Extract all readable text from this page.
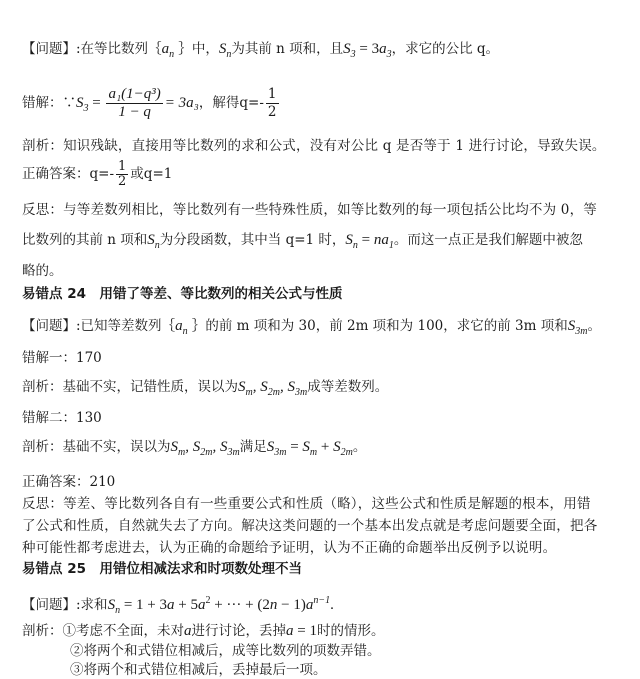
【问题】:在等比数列$\{a_n$ ｝中，$S_n$为其前 n 项和，且$S_3 = 3a_3$，求它的公比 q。
错解：$\because S_3 = \frac{\text{a₁(1−q³)}}{1 - q} = 3a_3$，解得$q=- \frac{1}{2}$
剖析：知识残缺，直接用等比数列的求和公式，没有对公比 q 是否等于 1 进行讨论，导致失误。
正确答案：$q=- \frac{1}{2}$ 或q=1
反思：与等差数列相比，等比数列有一些特殊性质，如等比数列的每一项包括公比均不为 0，等
比数列的其前 n 项和$S_n$为分段函数，其中当 q=1 时，$S_n = na_1$。而这一点正是我们解题中被忽
略的。
易错点 24　用错了等差、等比数列的相关公式与性质
【问题】:已知等差数列$\{a_n$ ｝的前 m 项和为 30，前 2m 项和为 100，求它的前 3m 项和$S_{3m}$。
错解一：170
剖析：基础不实，记错性质，误以为$S_m$, $S_{2m}$, $S_{3m}$成等差数列。
错解二：130
剖析：基础不实，误以为$S_m$, $S_{2m}$, $S_{3m}$满足$S_{3m} = S_m + S_{2m}$。
正确答案：210
反思：等差、等比数列各自有一些重要公式和性质（略），这些公式和性质是解题的根本，用错
了公式和性质，自然就失去了方向。解决这类问题的一个基本出发点就是考虑问题要全面，把各
种可能性都考虑进去，认为正确的命题给予证明，认为不正确的命题举出反例予以说明。
易错点 25　用错位相减法求和时项数处理不当
【问题】:求和$S_n = 1 + 3a + 5a^2$ + ··· + $(2n - 1)a^{n-1}$.
剖析：①考虑不全面，未对a进行讨论，丢掉a = 1时的情形。
②将两个和式错位相减后，成等比数列的项数弄错。
③将两个和式错位相减后，丢掉最后一项。
